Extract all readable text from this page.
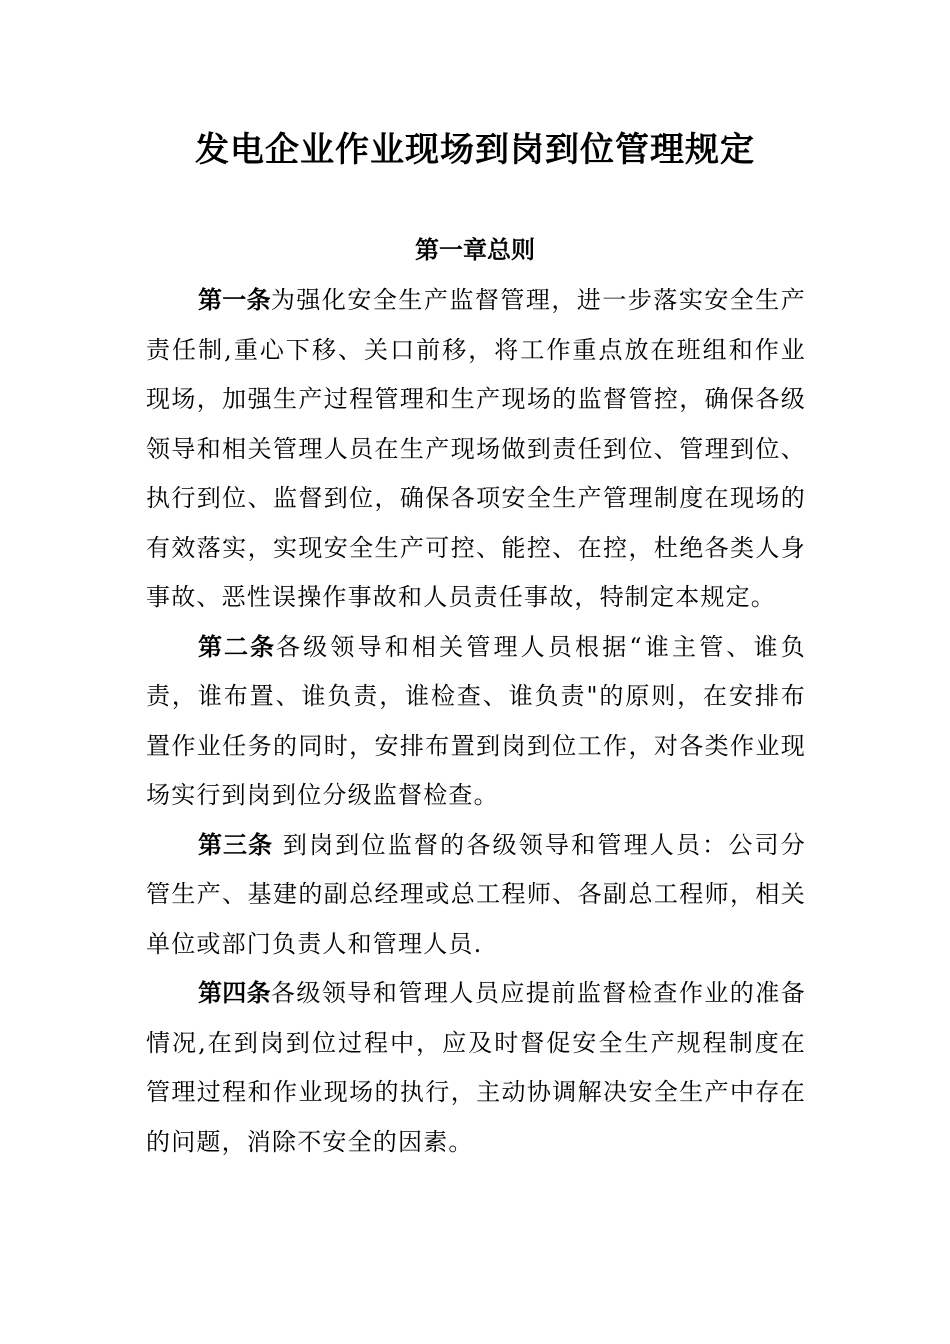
发电企业作业现场到岗到位管理规定
第一章总则

第一条为强化安全生产监督管理，进一步落实安全生产责任制,重心下移、关口前移，将工作重点放在班组和作业现场，加强生产过程管理和生产现场的监督管控，确保各级领导和相关管理人员在生产现场做到责任到位、管理到位、执行到位、监督到位，确保各项安全生产管理制度在现场的有效落实，实现安全生产可控、能控、在控，杜绝各类人身事故、恶性误操作事故和人员责任事故，特制定本规定。

第二条各级领导和相关管理人员根据“谁主管、谁负责，谁布置、谁负责，谁检查、谁负责"的原则，在安排布置作业任务的同时，安排布置到岗到位工作，对各类作业现场实行到岗到位分级监督检查。

第三条 到岗到位监督的各级领导和管理人员：公司分管生产、基建的副总经理或总工程师、各副总工程师，相关单位或部门负责人和管理人员.

第四条各级领导和管理人员应提前监督检查作业的准备情况,在到岗到位过程中，应及时督促安全生产规程制度在管理过程和作业现场的执行，主动协调解决安全生产中存在的问题，消除不安全的因素。
